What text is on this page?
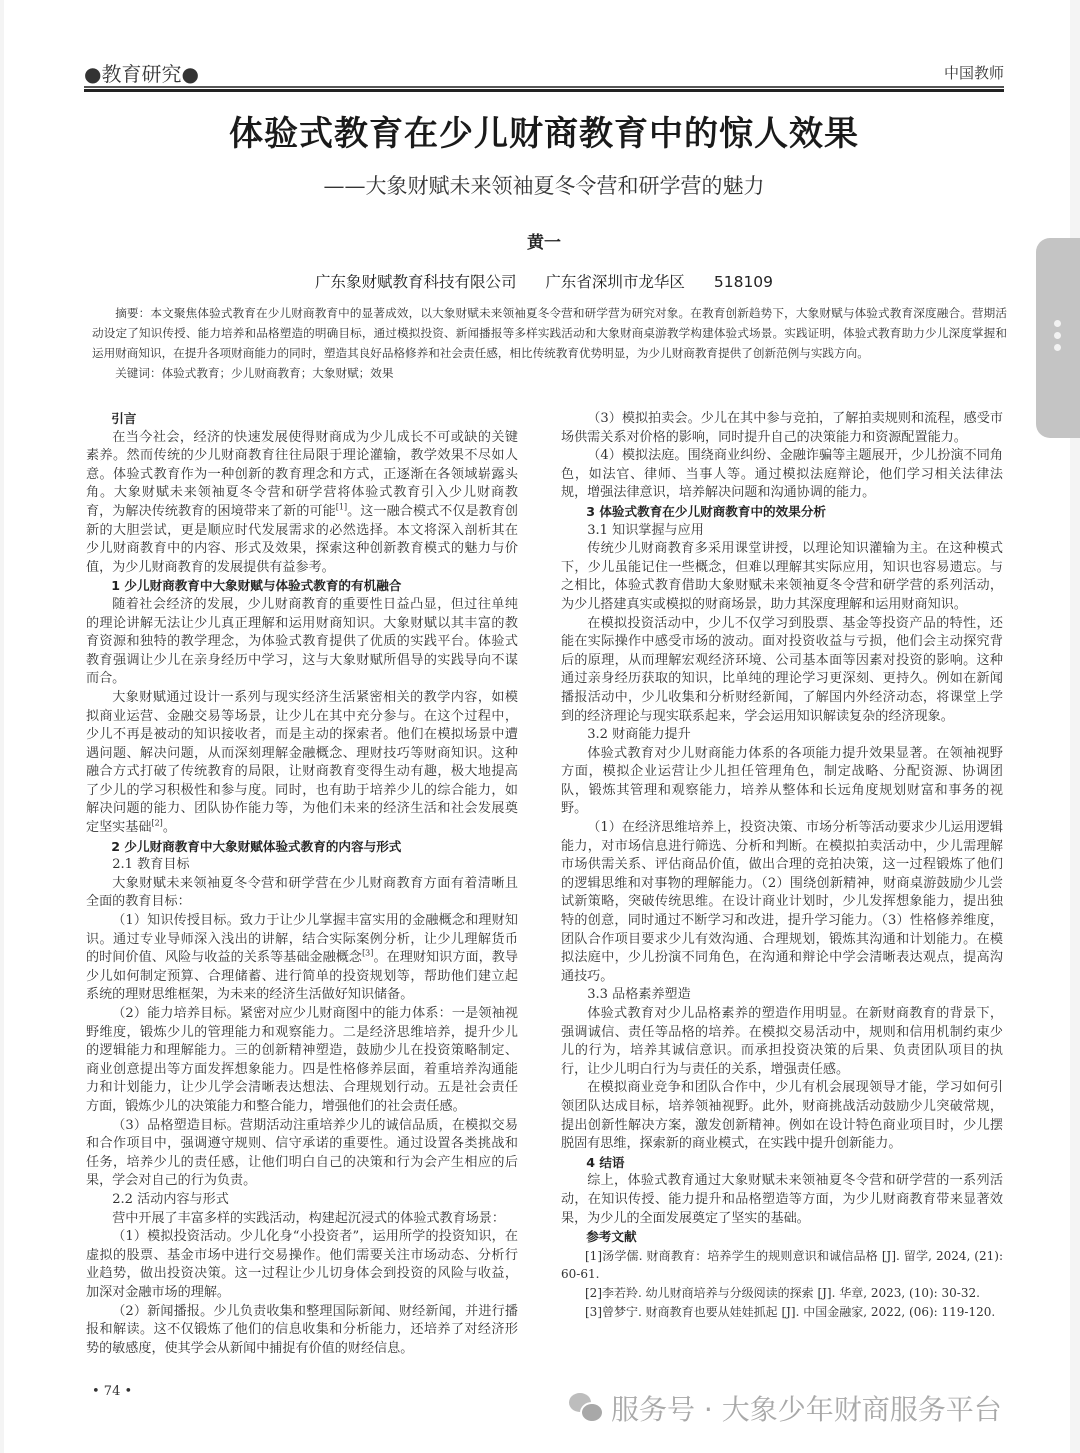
●教育研究●	中国教师
体验式教育在少儿财商教育中的惊人效果
——大象财赋未来领袖夏冬令营和研学营的魅力
黄一
广东象财赋教育科技有限公司 广东省深圳市龙华区 518109

摘要：本文聚焦体验式教育在少儿财商教育中的显著成效，以大象财赋未来领袖夏冬令营和研学营为研究对象。在教育创新趋势下，大象财赋与体验式教育深度融合。营期活动设定了知识传授、能力培养和品格塑造的明确目标，通过模拟投资、新闻播报等多样实践活动和大象财商桌游教学构建体验式场景。实践证明，体验式教育助力少儿深度掌握和运用财商知识，在提升各项财商能力的同时，塑造其良好品格修养和社会责任感，相比传统教育优势明显，为少儿财商教育提供了创新范例与实践方向。

关键词：体验式教育；少儿财商教育；大象财赋；效果

引言

在当今社会，经济的快速发展使得财商成为少儿成长不可或缺的关键素养。然而传统的少儿财商教育往往局限于理论灌输，教学效果不尽如人意。体验式教育作为一种创新的教育理念和方式，正逐渐在各领域崭露头角。大象财赋未来领袖夏冬令营和研学营将体验式教育引入少儿财商教育，为解决传统教育的困境带来了新的可能[1]。这一融合模式不仅是教育创新的大胆尝试，更是顺应时代发展需求的必然选择。本文将深入剖析其在少儿财商教育中的内容、形式及效果，探索这种创新教育模式的魅力与价值，为少儿财商教育的发展提供有益参考。

1 少儿财商教育中大象财赋与体验式教育的有机融合

随着社会经济的发展，少儿财商教育的重要性日益凸显，但过往单纯的理论讲解无法让少儿真正理解和运用财商知识。大象财赋以其丰富的教育资源和独特的教学理念，为体验式教育提供了优质的实践平台。体验式教育强调让少儿在亲身经历中学习，这与大象财赋所倡导的实践导向不谋而合。

大象财赋通过设计一系列与现实经济生活紧密相关的教学内容，如模拟商业运营、金融交易等场景，让少儿在其中充分参与。在这个过程中，少儿不再是被动的知识接收者，而是主动的探索者。他们在模拟场景中遭遇问题、解决问题，从而深刻理解金融概念、理财技巧等财商知识。这种融合方式打破了传统教育的局限，让财商教育变得生动有趣，极大地提高了少儿的学习积极性和参与度。同时，也有助于培养少儿的综合能力，如解决问题的能力、团队协作能力等，为他们未来的经济生活和社会发展奠定坚实基础[2]。

2 少儿财商教育中大象财赋体验式教育的内容与形式
2.1 教育目标

大象财赋未来领袖夏冬令营和研学营在少儿财商教育方面有着清晰且全面的教育目标：

（1）知识传授目标。致力于让少儿掌握丰富实用的金融概念和理财知识。通过专业导师深入浅出的讲解，结合实际案例分析，让少儿理解货币的时间价值、风险与收益的关系等基础金融概念[3]。在理财知识方面，教导少儿如何制定预算、合理储蓄、进行简单的投资规划等，帮助他们建立起系统的理财思维框架，为未来的经济生活做好知识储备。

（2）能力培养目标。紧密对应少儿财商图中的能力体系：一是领袖视野维度，锻炼少儿的管理能力和观察能力。二是经济思维培养，提升少儿的逻辑能力和理解能力。三的创新精神塑造，鼓励少儿在投资策略制定、商业创意提出等方面发挥想象能力。四是性格修养层面，着重培养沟通能力和计划能力，让少儿学会清晰表达想法、合理规划行动。五是社会责任方面，锻炼少儿的决策能力和整合能力，增强他们的社会责任感。

（3）品格塑造目标。营期活动注重培养少儿的诚信品质，在模拟交易和合作项目中，强调遵守规则、信守承诺的重要性。通过设置各类挑战和任务，培养少儿的责任感，让他们明白自己的决策和行为会产生相应的后果，学会对自己的行为负责。

2.2 活动内容与形式

营中开展了丰富多样的实践活动，构建起沉浸式的体验式教育场景：

（1）模拟投资活动。少儿化身“小投资者”，运用所学的投资知识，在虚拟的股票、基金市场中进行交易操作。他们需要关注市场动态、分析行业趋势，做出投资决策。这一过程让少儿切身体会到投资的风险与收益，加深对金融市场的理解。

（2）新闻播报。少儿负责收集和整理国际新闻、财经新闻，并进行播报和解读。这不仅锻炼了他们的信息收集和分析能力，还培养了对经济形势的敏感度，使其学会从新闻中捕捉有价值的财经信息。

（3）模拟拍卖会。少儿在其中参与竞拍，了解拍卖规则和流程，感受市场供需关系对价格的影响，同时提升自己的决策能力和资源配置能力。

（4）模拟法庭。围绕商业纠纷、金融诈骗等主题展开，少儿扮演不同角色，如法官、律师、当事人等。通过模拟法庭辩论，他们学习相关法律法规，增强法律意识，培养解决问题和沟通协调的能力。

3 体验式教育在少儿财商教育中的效果分析
3.1 知识掌握与应用

传统少儿财商教育多采用课堂讲授，以理论知识灌输为主。在这种模式下，少儿虽能记住一些概念，但难以理解其实际应用，知识也容易遗忘。与之相比，体验式教育借助大象财赋未来领袖夏冬令营和研学营的系列活动，为少儿搭建真实或模拟的财商场景，助力其深度理解和运用财商知识。

在模拟投资活动中，少儿不仅学习到股票、基金等投资产品的特性，还能在实际操作中感受市场的波动。面对投资收益与亏损，他们会主动探究背后的原理，从而理解宏观经济环境、公司基本面等因素对投资的影响。这种通过亲身经历获取的知识，比单纯的理论学习更深刻、更持久。例如在新闻播报活动中，少儿收集和分析财经新闻，了解国内外经济动态，将课堂上学到的经济理论与现实联系起来，学会运用知识解读复杂的经济现象。

3.2 财商能力提升

体验式教育对少儿财商能力体系的各项能力提升效果显著。在领袖视野方面，模拟企业运营让少儿担任管理角色，制定战略、分配资源、协调团队，锻炼其管理和观察能力，培养从整体和长远角度规划财富和事务的视野。

（1）在经济思维培养上，投资决策、市场分析等活动要求少儿运用逻辑能力，对市场信息进行筛选、分析和判断。在模拟拍卖活动中，少儿需理解市场供需关系、评估商品价值，做出合理的竞拍决策，这一过程锻炼了他们的逻辑思维和对事物的理解能力。（2）围绕创新精神，财商桌游鼓励少儿尝试新策略，突破传统思维。在设计商业计划时，少儿发挥想象能力，提出独特的创意，同时通过不断学习和改进，提升学习能力。（3）性格修养维度，团队合作项目要求少儿有效沟通、合理规划，锻炼其沟通和计划能力。在模拟法庭中，少儿扮演不同角色，在沟通和辩论中学会清晰表达观点，提高沟通技巧。

3.3 品格素养塑造

体验式教育对少儿品格素养的塑造作用明显。在新财商教育的背景下，强调诚信、责任等品格的培养。在模拟交易活动中，规则和信用机制约束少儿的行为，培养其诚信意识。而承担投资决策的后果、负责团队项目的执行，让少儿明白行为与责任的关系，增强责任感。

在模拟商业竞争和团队合作中，少儿有机会展现领导才能，学习如何引领团队达成目标，培养领袖视野。此外，财商挑战活动鼓励少儿突破常规，提出创新性解决方案，激发创新精神。例如在设计特色商业项目时，少儿摆脱固有思维，探索新的商业模式，在实践中提升创新能力。

4 结语

综上，体验式教育通过大象财赋未来领袖夏冬令营和研学营的一系列活动，在知识传授、能力提升和品格塑造等方面，为少儿财商教育带来显著效果，为少儿的全面发展奠定了坚实的基础。

参考文献

[1]汤学儒. 财商教育：培养学生的规则意识和诚信品格 [J]. 留学, 2024, (21): 60-61.

[2]李若羚. 幼儿财商培养与分级阅读的探索 [J]. 华章, 2023, (10): 30-32.

[3]曾梦宁. 财商教育也要从娃娃抓起 [J]. 中国金融家, 2022, (06): 119-120.

• 74 •
服务号 · 大象少年财商服务平台
